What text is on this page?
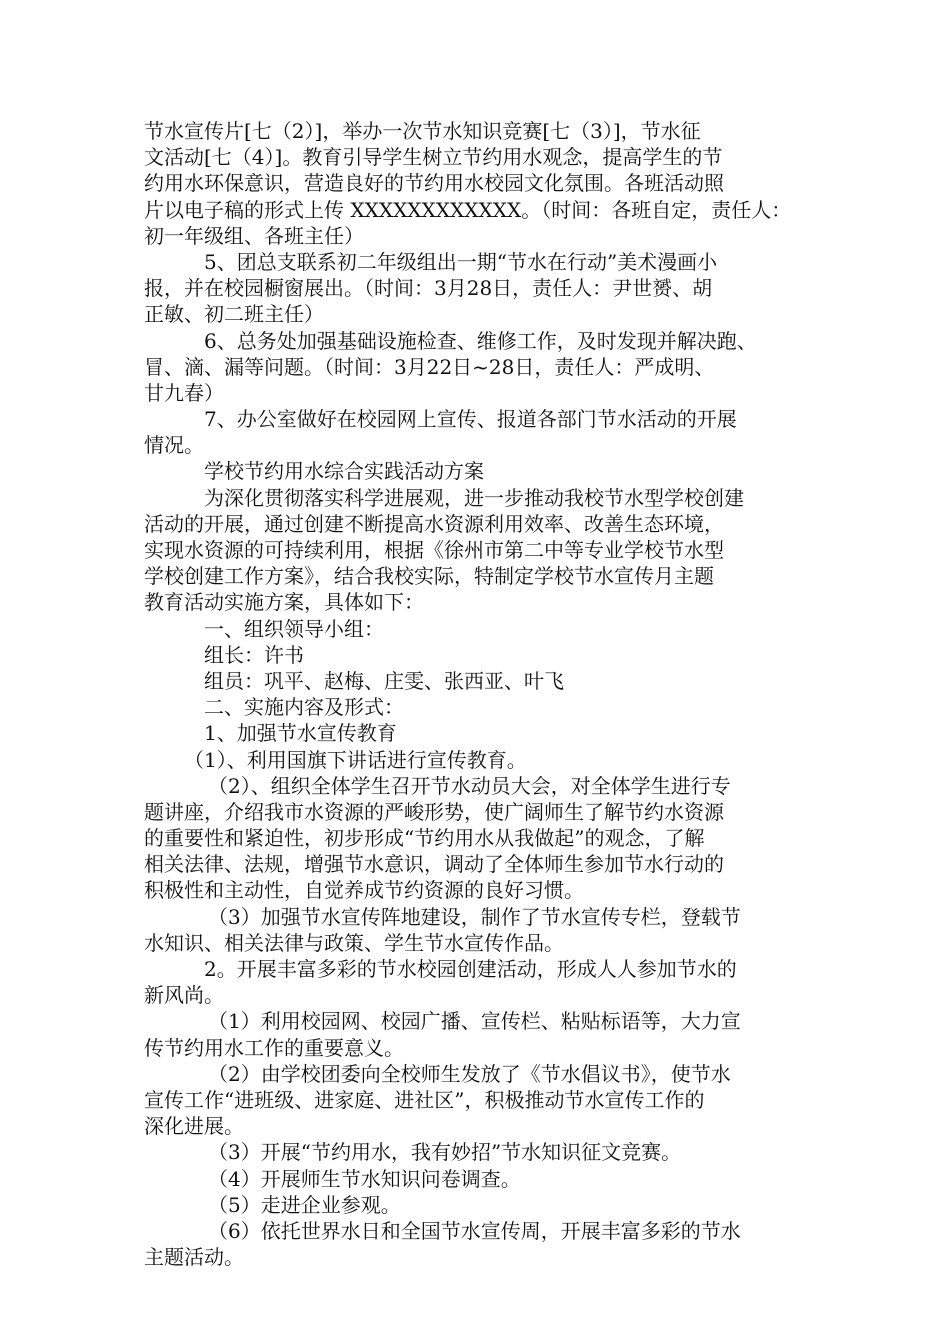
节水宣传片[七（2）]，举办一次节水知识竞赛[七（3）]，节水征
文活动[七（4）]。教育引导学生树立节约用水观念，提高学生的节
约用水环保意识，营造良好的节约用水校园文化氛围。各班活动照
片以电子稿的形式上传 XXXXXXXXXXXX。（时间：各班自定，责任人：
初一年级组、各班主任）
5、团总支联系初二年级组出一期“节水在行动”美术漫画小
报，并在校园橱窗展出。（时间：3月28日，责任人：尹世赟、胡
正敏、初二班主任）
6、总务处加强基础设施检查、维修工作，及时发现并解决跑、
冒、滴、漏等问题。（时间：3月22日~28日，责任人：严成明、
甘九春）
7、办公室做好在校园网上宣传、报道各部门节水活动的开展
情况。
学校节约用水综合实践活动方案
为深化贯彻落实科学进展观，进一步推动我校节水型学校创建
活动的开展，通过创建不断提高水资源利用效率、改善生态环境，
实现水资源的可持续利用，根据《徐州市第二中等专业学校节水型
学校创建工作方案》，结合我校实际，特制定学校节水宣传月主题
教育活动实施方案，具体如下：
一、组织领导小组：
组长：许书
组员：巩平、赵梅、庄雯、张西亚、叶飞
二、实施内容及形式：
1、加强节水宣传教育
（1）、利用国旗下讲话进行宣传教育。
（2）、组织全体学生召开节水动员大会，对全体学生进行专
题讲座，介绍我市水资源的严峻形势，使广阔师生了解节约水资源
的重要性和紧迫性，初步形成“节约用水从我做起”的观念，了解
相关法律、法规，增强节水意识，调动了全体师生参加节水行动的
积极性和主动性，自觉养成节约资源的良好习惯。
（3）加强节水宣传阵地建设，制作了节水宣传专栏，登载节
水知识、相关法律与政策、学生节水宣传作品。
2。开展丰富多彩的节水校园创建活动，形成人人参加节水的
新风尚。
（1）利用校园网、校园广播、宣传栏、粘贴标语等，大力宣
传节约用水工作的重要意义。
（2）由学校团委向全校师生发放了《节水倡议书》，使节水
宣传工作“进班级、进家庭、进社区”，积极推动节水宣传工作的
深化进展。
（3）开展“节约用水，我有妙招”节水知识征文竞赛。
（4）开展师生节水知识问卷调查。
（5）走进企业参观。
（6）依托世界水日和全国节水宣传周，开展丰富多彩的节水
主题活动。
